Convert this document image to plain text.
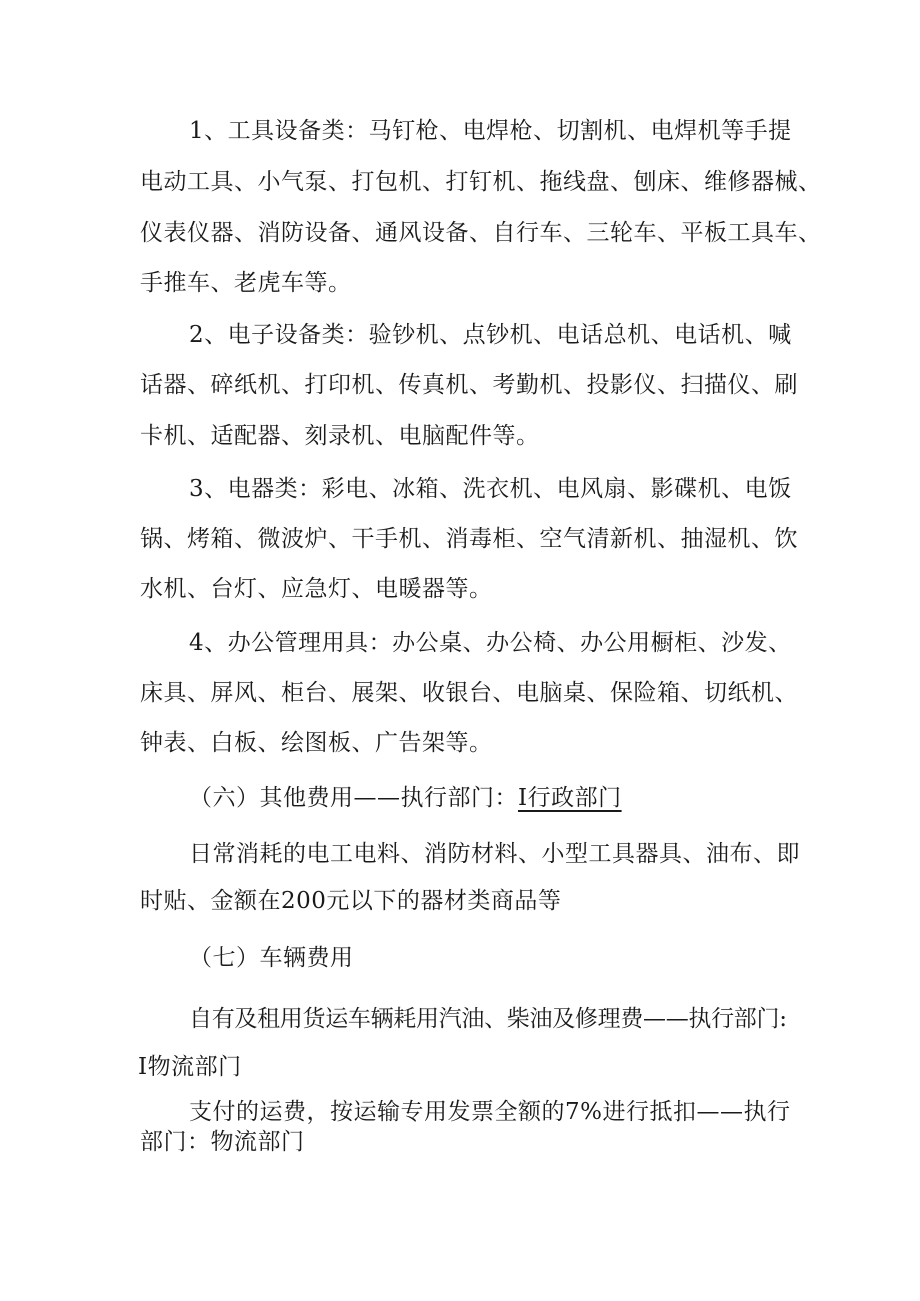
1、工具设备类：马钉枪、电焊枪、切割机、电焊机等手提
电动工具、小气泵、打包机、打钉机、拖线盘、刨床、维修器械、
仪表仪器、消防设备、通风设备、自行车、三轮车、平板工具车、
手推车、老虎车等。
2、电子设备类：验钞机、点钞机、电话总机、电话机、喊
话器、碎纸机、打印机、传真机、考勤机、投影仪、扫描仪、刷
卡机、适配器、刻录机、电脑配件等。
3、电器类：彩电、冰箱、洗衣机、电风扇、影碟机、电饭
锅、烤箱、微波炉、干手机、消毒柜、空气清新机、抽湿机、饮
水机、台灯、应急灯、电暖器等。
4、办公管理用具：办公桌、办公椅、办公用橱柜、沙发、
床具、屏风、柜台、展架、收银台、电脑桌、保险箱、切纸机、
钟表、白板、绘图板、广告架等。
（六）其他费用——执行部门：I行政部门
日常消耗的电工电料、消防材料、小型工具器具、油布、即
时贴、金额在200元以下的器材类商品等
（七）车辆费用
自有及租用货运车辆耗用汽油、柴油及修理费——执行部门:
I物流部门
支付的运费，按运输专用发票全额的7%进行抵扣——执行
部门：物流部门
